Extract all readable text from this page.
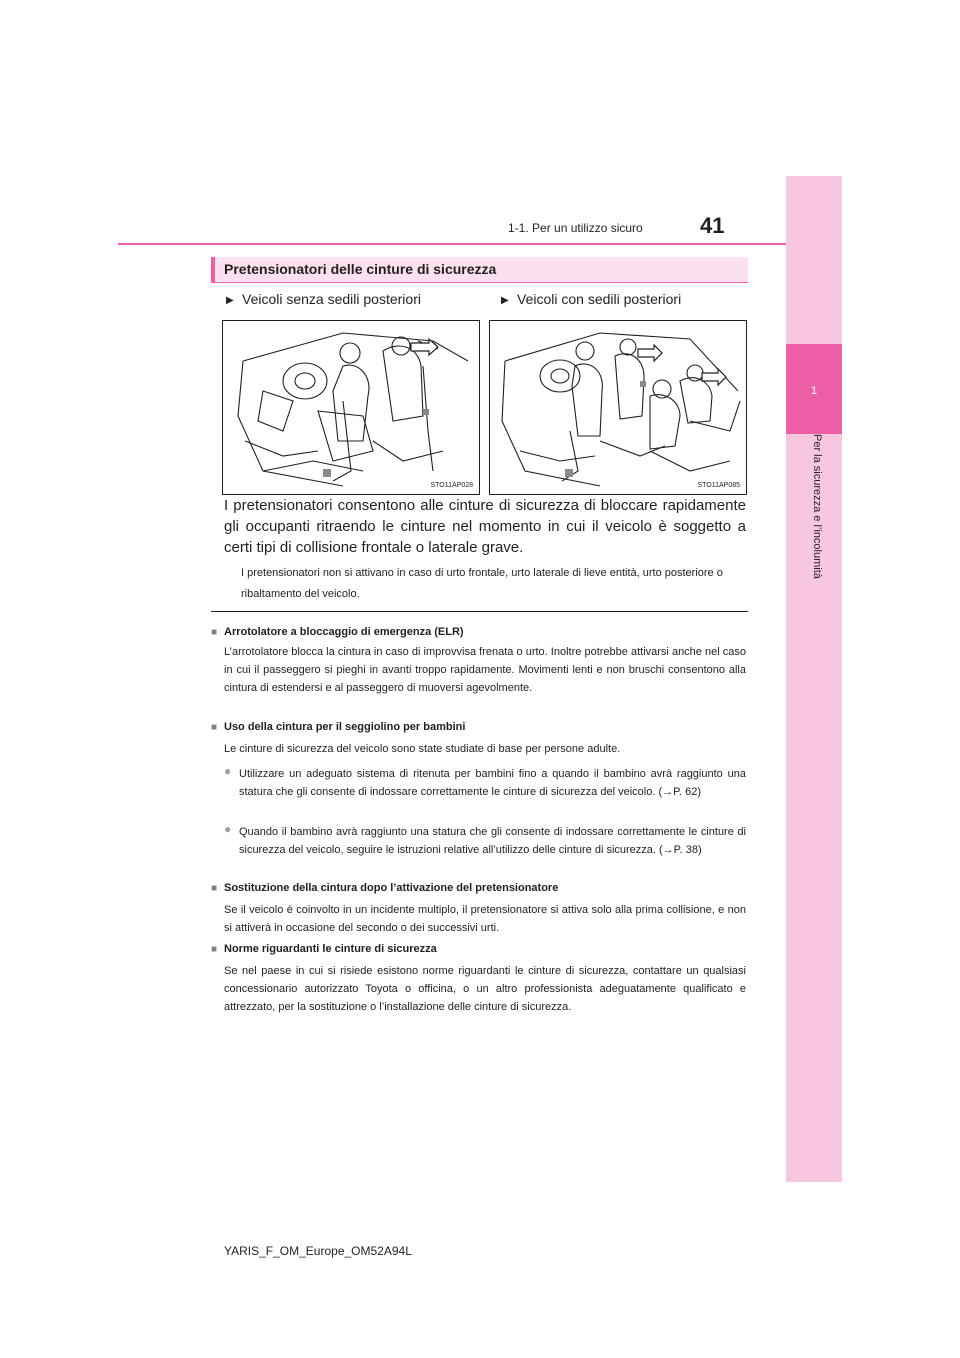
1
Per la sicurezza e l’incolumità
1-1. Per un utilizzo sicuro	41
Pretensionatori delle cinture di sicurezza
▶ Veicoli senza sedili posteriori	▶ Veicoli con sedili posteriori
STO11AP028	STO11AP085
I pretensionatori consentono alle cinture di sicurezza di bloccare rapidamente gli occupanti ritraendo le cinture nel momento in cui il veicolo è soggetto a certi tipi di collisione frontale o laterale grave.
I pretensionatori non si attivano in caso di urto frontale, urto laterale di lieve entità, urto posteriore o ribaltamento del veicolo.
■ Arrotolatore a bloccaggio di emergenza (ELR)
L’arrotolatore blocca la cintura in caso di improvvisa frenata o urto. Inoltre potrebbe attivarsi anche nel caso in cui il passeggero si pieghi in avanti troppo rapidamente. Movimenti lenti e non bruschi consentono alla cintura di estendersi e al passeggero di muoversi agevolmente.
■ Uso della cintura per il seggiolino per bambini
Le cinture di sicurezza del veicolo sono state studiate di base per persone adulte.
● Utilizzare un adeguato sistema di ritenuta per bambini fino a quando il bambino avrà raggiunto una statura che gli consente di indossare correttamente le cinture di sicurezza del veicolo. (→P. 62)
● Quando il bambino avrà raggiunto una statura che gli consente di indossare correttamente le cinture di sicurezza del veicolo, seguire le istruzioni relative all’utilizzo delle cinture di sicurezza. (→P. 38)
■ Sostituzione della cintura dopo l’attivazione del pretensionatore
Se il veicolo è coinvolto in un incidente multiplo, il pretensionatore si attiva solo alla prima collisione, e non si attiverà in occasione del secondo o dei successivi urti.
■ Norme riguardanti le cinture di sicurezza
Se nel paese in cui si risiede esistono norme riguardanti le cinture di sicurezza, contattare un qualsiasi concessionario autorizzato Toyota o officina, o un altro professionista adeguatamente qualificato e attrezzato, per la sostituzione o l’installazione delle cinture di sicurezza.
YARIS_F_OM_Europe_OM52A94L
